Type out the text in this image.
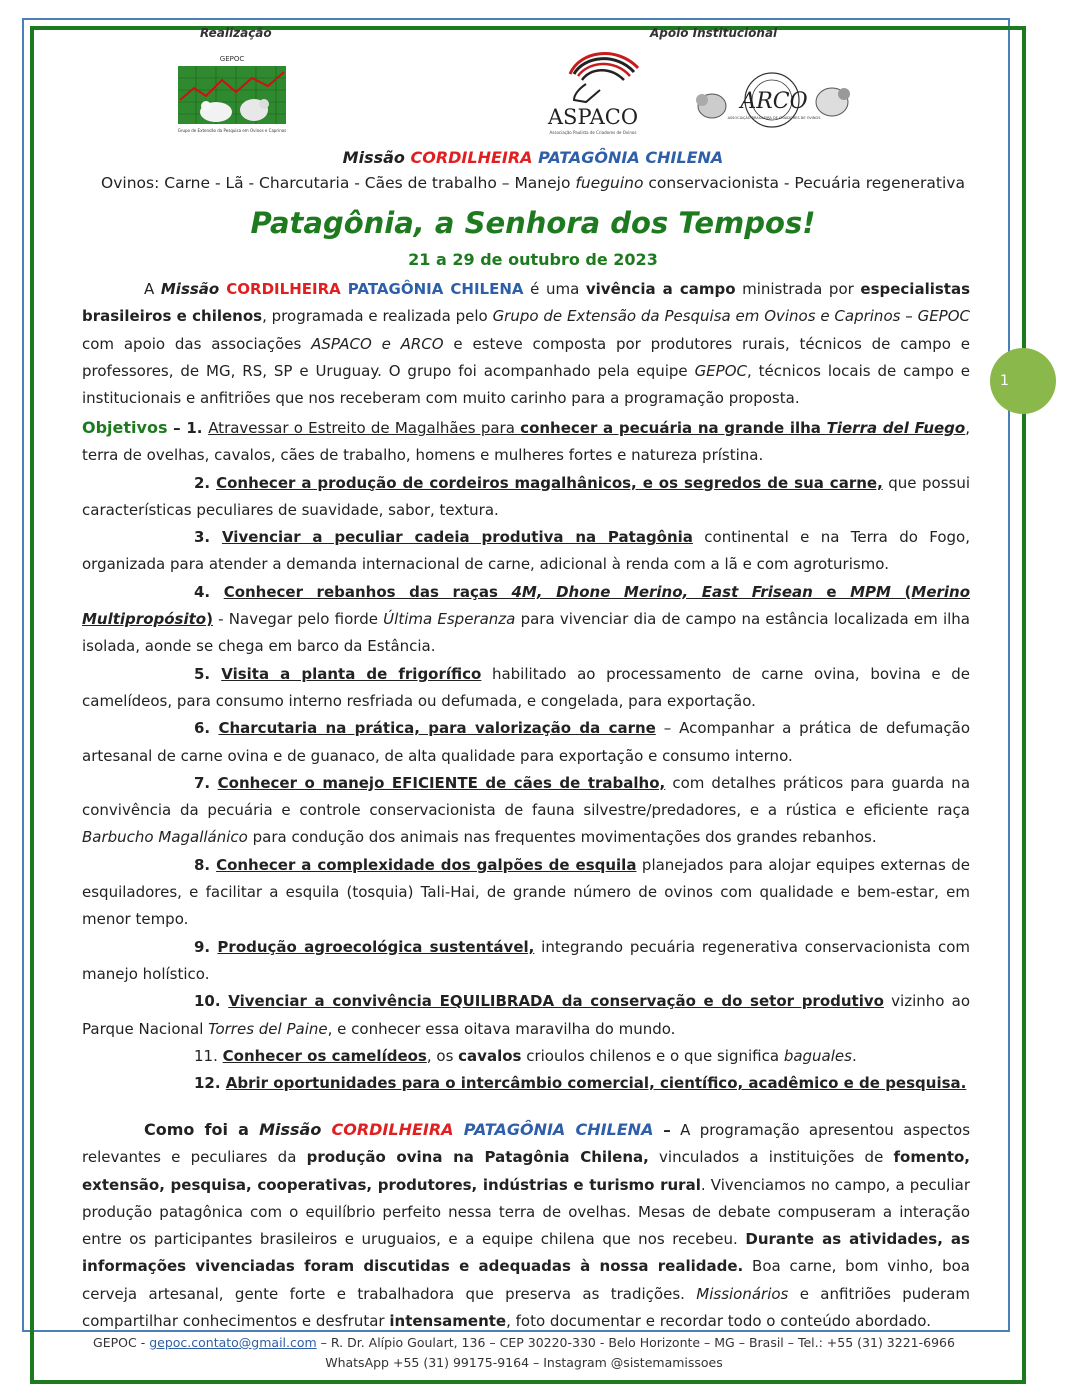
1
Realização	Apoio Institucional
GEPOC
Grupo de Extensão da Pesquisa em Ovinos e Caprinos
ASPACO
Associação Paulista de Criadores de Ovinos
ARCO
ASSOCIAÇÃO BRASILEIRA DE CRIADORES DE OVINOS
Missão CORDILHEIRA PATAGÔNIA CHILENA
Ovinos: Carne - Lã - Charcutaria - Cães de trabalho – Manejo fueguino conservacionista - Pecuária regenerativa
Patagônia, a Senhora dos Tempos!
21 a 29 de outubro de 2023

A Missão CORDILHEIRA PATAGÔNIA CHILENA é uma vivência a campo ministrada por especialistas brasileiros e chilenos, programada e realizada pelo Grupo de Extensão da Pesquisa em Ovinos e Caprinos – GEPOC com apoio das associações ASPACO e ARCO e esteve composta por produtores rurais, técnicos de campo e professores, de MG, RS, SP e Uruguay. O grupo foi acompanhado pela equipe GEPOC, técnicos locais de campo e institucionais e anfitriões que nos receberam com muito carinho para a programação proposta.

Objetivos – 1. Atravessar o Estreito de Magalhães para conhecer a pecuária na grande ilha Tierra del Fuego, terra de ovelhas, cavalos, cães de trabalho, homens e mulheres fortes e natureza prístina.

2. Conhecer a produção de cordeiros magalhânicos, e os segredos de sua carne, que possui características peculiares de suavidade, sabor, textura.

3. Vivenciar a peculiar cadeia produtiva na Patagônia continental e na Terra do Fogo, organizada para atender a demanda internacional de carne, adicional à renda com a lã e com agroturismo.

4. Conhecer rebanhos das raças 4M, Dhone Merino, East Frisean e MPM (Merino Multipropósito) - Navegar pelo fiorde Última Esperanza para vivenciar dia de campo na estância localizada em ilha isolada, aonde se chega em barco da Estância.

5. Visita a planta de frigorífico habilitado ao processamento de carne ovina, bovina e de camelídeos, para consumo interno resfriada ou defumada, e congelada, para exportação.

6. Charcutaria na prática, para valorização da carne – Acompanhar a prática de defumação artesanal de carne ovina e de guanaco, de alta qualidade para exportação e consumo interno.

7. Conhecer o manejo EFICIENTE de cães de trabalho, com detalhes práticos para guarda na convivência da pecuária e controle conservacionista de fauna silvestre/predadores, e a rústica e eficiente raça Barbucho Magallánico para condução dos animais nas frequentes movimentações dos grandes rebanhos.

8. Conhecer a complexidade dos galpões de esquila planejados para alojar equipes externas de esquiladores, e facilitar a esquila (tosquia) Tali-Hai, de grande número de ovinos com qualidade e bem-estar, em menor tempo.

9. Produção agroecológica sustentável, integrando pecuária regenerativa conservacionista com manejo holístico.

10. Vivenciar a convivência EQUILIBRADA da conservação e do setor produtivo vizinho ao Parque Nacional Torres del Paine, e conhecer essa oitava maravilha do mundo.

11. Conhecer os camelídeos, os cavalos crioulos chilenos e o que significa baguales.

12. Abrir oportunidades para o intercâmbio comercial, científico, acadêmico e de pesquisa.

Como foi a Missão CORDILHEIRA PATAGÔNIA CHILENA – A programação apresentou aspectos relevantes e peculiares da produção ovina na Patagônia Chilena, vinculados a instituições de fomento, extensão, pesquisa, cooperativas, produtores, indústrias e turismo rural. Vivenciamos no campo, a peculiar produção patagônica com o equilíbrio perfeito nessa terra de ovelhas. Mesas de debate compuseram a interação entre os participantes brasileiros e uruguaios, e a equipe chilena que nos recebeu. Durante as atividades, as informações vivenciadas foram discutidas e adequadas à nossa realidade. Boa carne, bom vinho, boa cerveja artesanal, gente forte e trabalhadora que preserva as tradições. Missionários e anfitriões puderam compartilhar conhecimentos e desfrutar intensamente, foto documentar e recordar todo o conteúdo abordado.

GEPOC - gepoc.contato@gmail.com – R. Dr. Alípio Goulart, 136 – CEP 30220-330 - Belo Horizonte – MG – Brasil – Tel.: +55 (31) 3221-6966
WhatsApp +55 (31) 99175-9164 – Instagram @sistemamissoes
